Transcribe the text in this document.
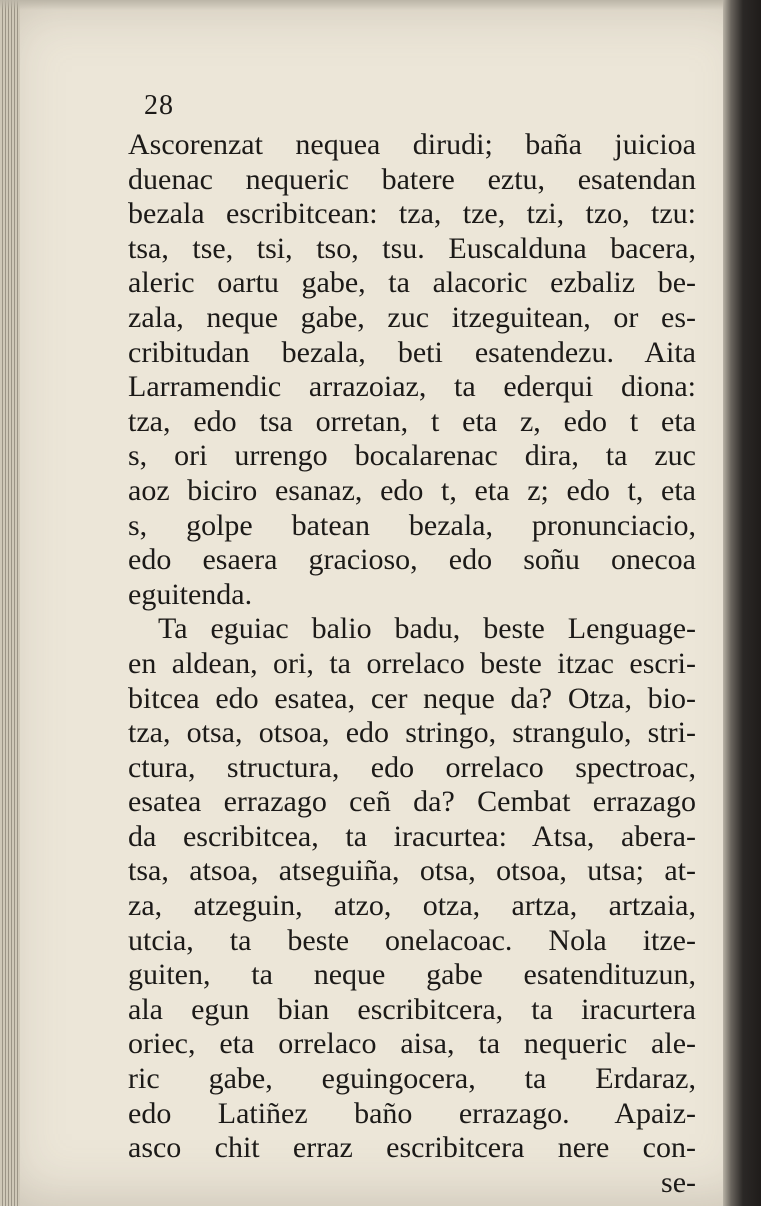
28
Ascorenzat nequea dirudi; baña juicioa
duenac nequeric batere eztu, esatendan
bezala escribitcean: tza, tze, tzi, tzo, tzu:
tsa, tse, tsi, tso, tsu. Euscalduna bacera,
aleric oartu gabe, ta alacoric ezbaliz be-
zala, neque gabe, zuc itzeguitean, or es-
cribitudan bezala, beti esatendezu. Aita
Larramendic arrazoiaz, ta ederqui diona:
tza, edo tsa orretan, t eta z, edo t eta
s, ori urrengo bocalarenac dira, ta zuc
aoz biciro esanaz, edo t, eta z; edo t, eta
s, golpe batean bezala, pronunciacio,
edo esaera gracioso, edo soñu onecoa
eguitenda.
Ta eguiac balio badu, beste Lenguage-
en aldean, ori, ta orrelaco beste itzac escri-
bitcea edo esatea, cer neque da? Otza, bio-
tza, otsa, otsoa, edo stringo, strangulo, stri-
ctura, structura, edo orrelaco spectroac,
esatea errazago ceñ da? Cembat errazago
da escribitcea, ta iracurtea: Atsa, abera-
tsa, atsoa, atseguiña, otsa, otsoa, utsa; at-
za, atzeguin, atzo, otza, artza, artzaia,
utcia, ta beste onelacoac. Nola itze-
guiten, ta neque gabe esatendituzun,
ala egun bian escribitcera, ta iracurtera
oriec, eta orrelaco aisa, ta nequeric ale-
ric gabe, eguingocera, ta Erdaraz,
edo Latiñez baño errazago. Apaiz-
asco chit erraz escribitcera nere con-
se-
